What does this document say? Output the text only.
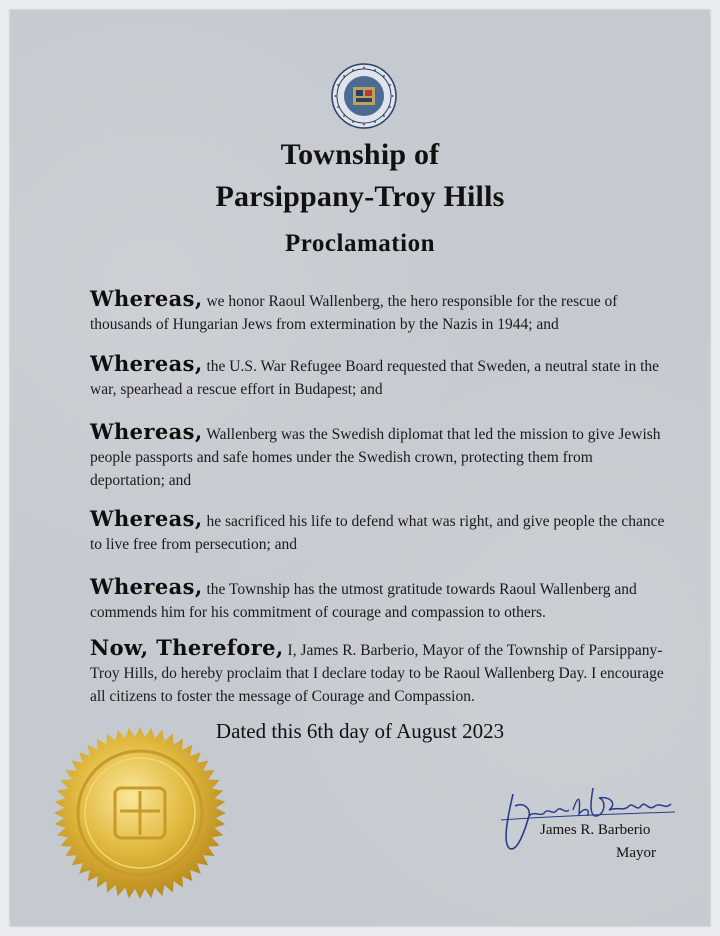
Township of
Parsippany-Troy Hills
Proclamation
Whereas, we honor Raoul Wallenberg, the hero responsible for the rescue of thousands of Hungarian Jews from extermination by the Nazis in 1944; and
Whereas, the U.S. War Refugee Board requested that Sweden, a neutral state in the war, spearhead a rescue effort in Budapest; and
Whereas, Wallenberg was the Swedish diplomat that led the mission to give Jewish people passports and safe homes under the Swedish crown, protecting them from deportation; and
Whereas, he sacrificed his life to defend what was right, and give people the chance to live free from persecution; and
Whereas, the Township has the utmost gratitude towards Raoul Wallenberg and commends him for his commitment of courage and compassion to others.
Now, Therefore, I, James R. Barberio, Mayor of the Township of Parsippany-Troy Hills, do hereby proclaim that I declare today to be Raoul Wallenberg Day. I encourage all citizens to foster the message of Courage and Compassion.
Dated this 6th day of August 2023
James R. Barberio
Mayor
